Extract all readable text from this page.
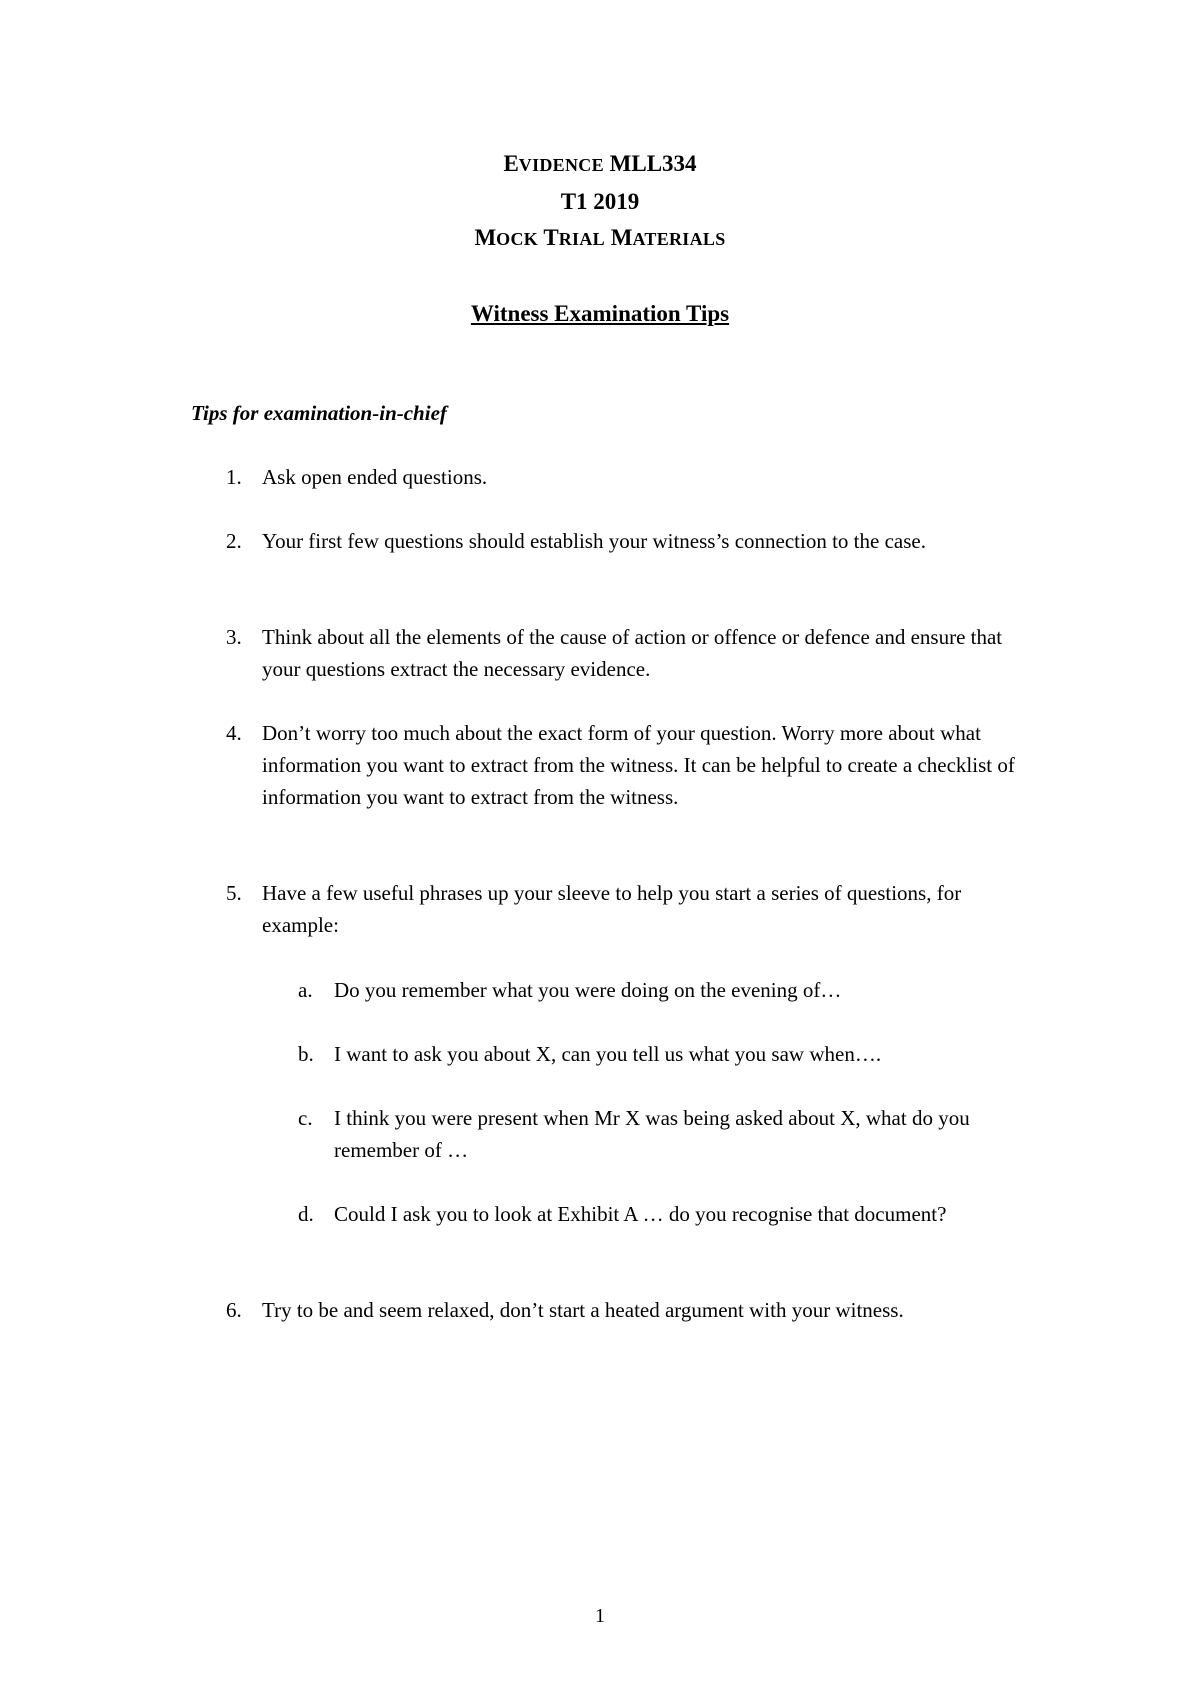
EVIDENCE MLL334
T1 2019
MOCK TRIAL MATERIALS
Witness Examination Tips
Tips for examination-in-chief
1. Ask open ended questions.
2. Your first few questions should establish your witness’s connection to the case.
3. Think about all the elements of the cause of action or offence or defence and ensure that your questions extract the necessary evidence.
4. Don’t worry too much about the exact form of your question. Worry more about what information you want to extract from the witness. It can be helpful to create a checklist of information you want to extract from the witness.
5. Have a few useful phrases up your sleeve to help you start a series of questions, for example:
a. Do you remember what you were doing on the evening of…
b. I want to ask you about X, can you tell us what you saw when….
c. I think you were present when Mr X was being asked about X, what do you remember of …
d. Could I ask you to look at Exhibit A … do you recognise that document?
6. Try to be and seem relaxed, don’t start a heated argument with your witness.
1
